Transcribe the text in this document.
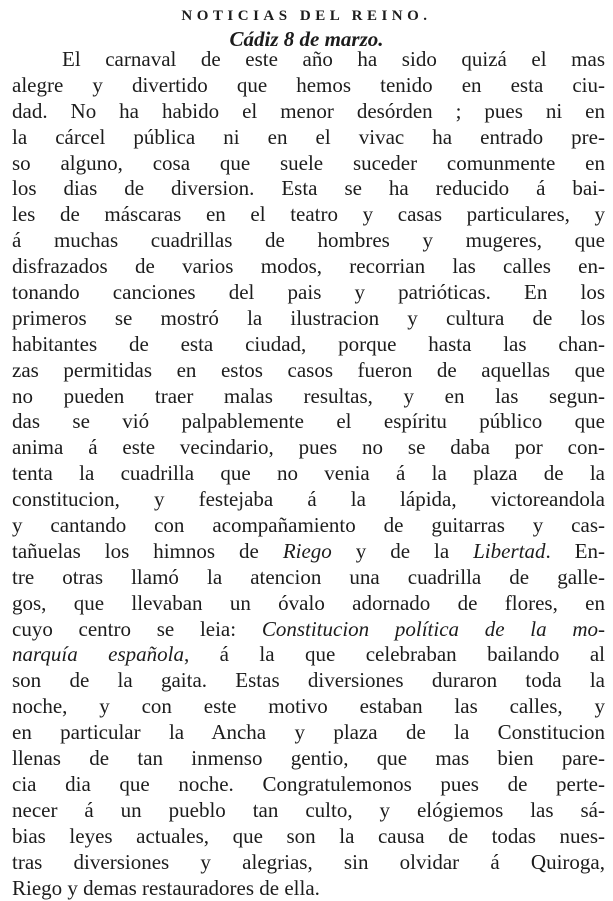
NOTICIAS DEL REINO.
Cádiz 8 de marzo.
El carnaval de este año ha sido quizá el mas
alegre y divertido que hemos tenido en esta ciu-
dad. No ha habido el menor desórden ; pues ni en
la cárcel pública ni en el vivac ha entrado pre-
so alguno, cosa que suele suceder comunmente en
los dias de diversion. Esta se ha reducido á bai-
les de máscaras en el teatro y casas particulares, y
á muchas cuadrillas de hombres y mugeres, que
disfrazados de varios modos, recorrian las calles en-
tonando canciones del pais y patrióticas. En los
primeros se mostró la ilustracion y cultura de los
habitantes de esta ciudad, porque hasta las chan-
zas permitidas en estos casos fueron de aquellas que
no pueden traer malas resultas, y en las segun-
das se vió palpablemente el espíritu público que
anima á este vecindario, pues no se daba por con-
tenta la cuadrilla que no venia á la plaza de la
constitucion, y festejaba á la lápida, victoreandola
y cantando con acompañamiento de guitarras y cas-
tañuelas los himnos de Riego y de la Libertad. En-
tre otras llamó la atencion una cuadrilla de galle-
gos, que llevaban un óvalo adornado de flores, en
cuyo centro se leia: Constitucion política de la mo-
narquía española, á la que celebraban bailando al
son de la gaita. Estas diversiones duraron toda la
noche, y con este motivo estaban las calles, y
en particular la Ancha y plaza de la Constitucion
llenas de tan inmenso gentio, que mas bien pare-
cia dia que noche. Congratulemonos pues de perte-
necer á un pueblo tan culto, y elógiemos las sá-
bias leyes actuales, que son la causa de todas nues-
tras diversiones y alegrias, sin olvidar á Quiroga,
Riego y demas restauradores de ella.
